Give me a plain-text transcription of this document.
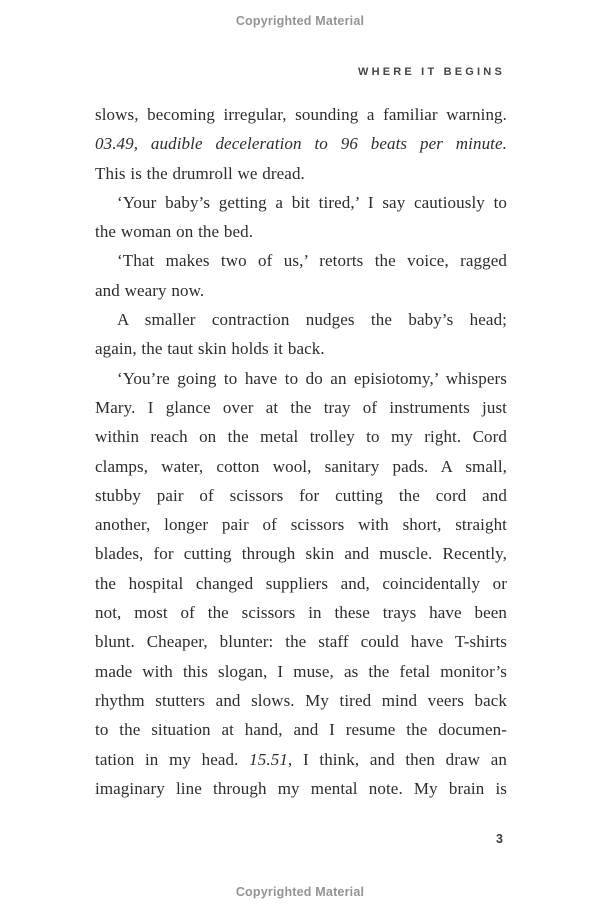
Copyrighted Material
WHERE IT BEGINS
slows, becoming irregular, sounding a familiar warning.
03.49, audible deceleration to 96 beats per minute.
This is the drumroll we dread.
‘Your baby’s getting a bit tired,’ I say cautiously to
the woman on the bed.
‘That makes two of us,’ retorts the voice, ragged
and weary now.
A smaller contraction nudges the baby’s head;
again, the taut skin holds it back.
‘You’re going to have to do an episiotomy,’ whispers
Mary. I glance over at the tray of instruments just
within reach on the metal trolley to my right. Cord
clamps, water, cotton wool, sanitary pads. A small,
stubby pair of scissors for cutting the cord and
another, longer pair of scissors with short, straight
blades, for cutting through skin and muscle. Recently,
the hospital changed suppliers and, coincidentally or
not, most of the scissors in these trays have been
blunt. Cheaper, blunter: the staff could have T-shirts
made with this slogan, I muse, as the fetal monitor’s
rhythm stutters and slows. My tired mind veers back
to the situation at hand, and I resume the documen-
tation in my head. 15.51, I think, and then draw an
imaginary line through my mental note. My brain is
3
Copyrighted Material
